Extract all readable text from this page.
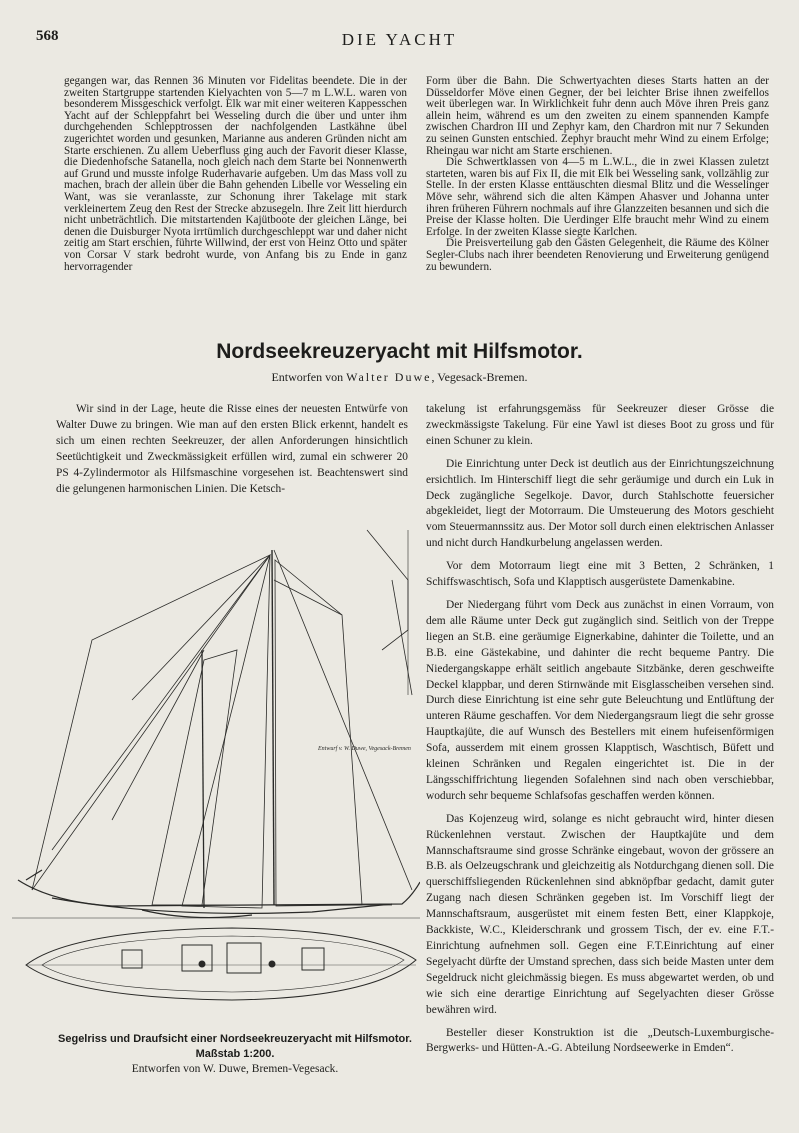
568	DIE YACHT

gegangen war, das Rennen 36 Minuten vor Fidelitas beendete. Die in der zweiten Startgruppe startenden Kielyachten von 5—7 m L.W.L. waren von besonderem Missgeschick verfolgt. Elk war mit einer weiteren Kappesschen Yacht auf der Schleppfahrt bei Wesseling durch die über und unter ihm durchgehenden Schlepptrossen der nachfolgenden Lastkähne übel zugerichtet worden und gesunken, Marianne aus anderen Gründen nicht am Starte erschienen. Zu allem Ueberfluss ging auch der Favorit dieser Klasse, die Diedenhofsche Satanella, noch gleich nach dem Starte bei Nonnenwerth auf Grund und musste infolge Ruderhavarie aufgeben. Um das Mass voll zu machen, brach der allein über die Bahn gehenden Libelle vor Wesseling ein Want, was sie veranlasste, zur Schonung ihrer Takelage mit stark verkleinertem Zeug den Rest der Strecke abzusegeln. Ihre Zeit litt hierdurch nicht unbeträchtlich. Die mitstartenden Kajütboote der gleichen Länge, bei denen die Duisburger Nyota irrtümlich durchgeschleppt war und daher nicht zeitig am Start erschien, führte Willwind, der erst von Heinz Otto und später von Corsar V stark bedroht wurde, von Anfang bis zu Ende in ganz hervorragender

Form über die Bahn. Die Schwertyachten dieses Starts hatten an der Düsseldorfer Möve einen Gegner, der bei leichter Brise ihnen zweifellos weit überlegen war. In Wirklichkeit fuhr denn auch Möve ihren Preis ganz allein heim, während es um den zweiten zu einem spannenden Kampfe zwischen Chardron III und Zephyr kam, den Chardron mit nur 7 Sekunden zu seinen Gunsten entschied. Zephyr braucht mehr Wind zu einem Erfolge; Rheingau war nicht am Starte erschienen.

Die Schwertklassen von 4—5 m L.W.L., die in zwei Klassen zuletzt starteten, waren bis auf Fix II, die mit Elk bei Wesseling sank, vollzählig zur Stelle. In der ersten Klasse enttäuschten diesmal Blitz und die Wesselinger Möve sehr, während sich die alten Kämpen Ahasver und Johanna unter ihren früheren Führern nochmals auf ihre Glanzzeiten besannen und sich die Preise der Klasse holten. Die Uerdinger Elfe braucht mehr Wind zu einem Erfolge. In der zweiten Klasse siegte Karlchen.

Die Preisverteilung gab den Gästen Gelegenheit, die Räume des Kölner Segler-Clubs nach ihrer beendeten Renovierung und Erweiterung genügend zu bewundern.

Nordseekreuzeryacht mit Hilfsmotor.
Entworfen von Walter Duwe, Vegesack-Bremen.

Wir sind in der Lage, heute die Risse eines der neuesten Entwürfe von Walter Duwe zu bringen. Wie man auf den ersten Blick erkennt, handelt es sich um einen rechten Seekreuzer, der allen Anforderungen hinsichtlich Seetüchtigkeit und Zweckmässigkeit erfüllen wird, zumal ein schwerer 20 PS 4-Zylindermotor als Hilfsmaschine vorgesehen ist. Beachtenswert sind die gelungenen harmonischen Linien. Die Ketsch-

takelung ist erfahrungsgemäss für Seekreuzer dieser Grösse die zweckmässigste Takelung. Für eine Yawl ist dieses Boot zu gross und für einen Schuner zu klein.

Die Einrichtung unter Deck ist deutlich aus der Einrichtungszeichnung ersichtlich. Im Hinterschiff liegt die sehr geräumige und durch ein Luk in Deck zugängliche Segelkoje. Davor, durch Stahlschotte feuersicher abgekleidet, liegt der Motorraum. Die Umsteuerung des Motors geschieht vom Steuermannssitz aus. Der Motor soll durch einen elektrischen Anlasser und nicht durch Handkurbelung angelassen werden.

Vor dem Motorraum liegt eine mit 3 Betten, 2 Schränken, 1 Schiffswaschtisch, Sofa und Klapptisch ausgerüstete Damenkabine.

Der Niedergang führt vom Deck aus zunächst in einen Vorraum, von dem alle Räume unter Deck gut zugänglich sind. Seitlich von der Treppe liegen an St.B. eine geräumige Eignerkabine, dahinter die Toilette, und an B.B. eine Gästekabine, und dahinter die recht bequeme Pantry. Die Niedergangskappe erhält seitlich angebaute Sitzbänke, deren geschweifte Deckel klappbar, und deren Stirnwände mit Eisglasscheiben versehen sind. Durch diese Einrichtung ist eine sehr gute Beleuchtung und Entlüftung der unteren Räume geschaffen. Vor dem Niedergangsraum liegt die sehr grosse Hauptkajüte, die auf Wunsch des Bestellers mit einem hufeisenförmigen Sofa, ausserdem mit einem grossen Klapptisch, Waschtisch, Büfett und kleinen Schränken und Regalen eingerichtet ist. Die in der Längsschiffrichtung liegenden Sofalehnen sind nach oben verschiebbar, wodurch sehr bequeme Schlafsofas geschaffen werden können.

Das Kojenzeug wird, solange es nicht gebraucht wird, hinter diesen Rückenlehnen verstaut. Zwischen der Hauptkajüte und dem Mannschaftsraume sind grosse Schränke eingebaut, wovon der grössere an B.B. als Oelzeugschrank und gleichzeitig als Notdurchgang dienen soll. Die querschiffsliegenden Rückenlehnen sind abknöpfbar gedacht, damit guter Zugang nach diesen Schränken gegeben ist. Im Vorschiff liegt der Mannschaftsraum, ausgerüstet mit einem festen Bett, einer Klappkoje, Backkiste, W.C., Kleiderschrank und grossem Tisch, der ev. eine F.T.-Einrichtung aufnehmen soll. Gegen eine F.T.Einrichtung auf einer Segelyacht dürfte der Umstand sprechen, dass sich beide Masten unter dem Segeldruck nicht gleichmässig biegen. Es muss abgewartet werden, ob und wie sich eine derartige Einrichtung auf Segelyachten dieser Grösse bewähren wird.

Besteller dieser Konstruktion ist die „Deutsch-Luxemburgische-Bergwerks- und Hütten-A.-G. Abteilung Nordseewerke in Emden“.

Entwurf v. W. Duwe, Vegesack-Bremen
Segelriss und Draufsicht einer Nordseekreuzeryacht mit Hilfsmotor.
Maßstab 1:200.
Entworfen von W. Duwe, Bremen-Vegesack.
